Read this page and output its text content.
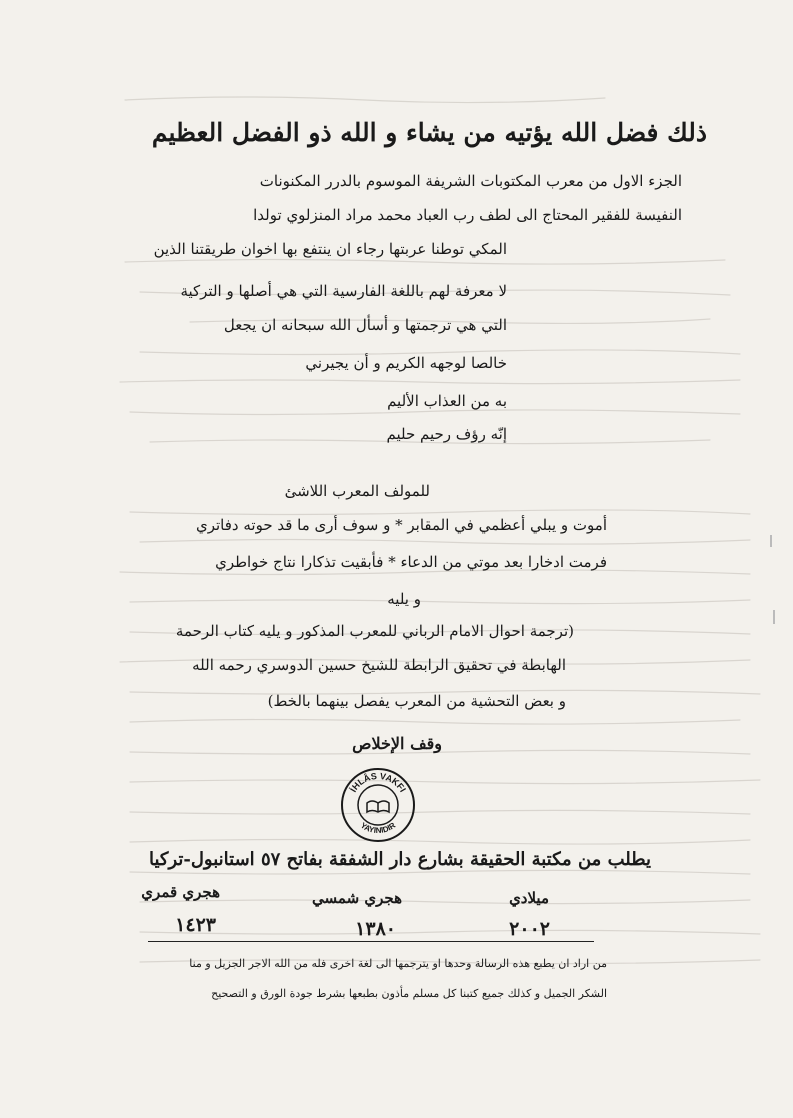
ذلك فضل الله يؤتيه من يشاء و الله ذو الفضل العظيم
الجزء الاول من معرب المكتوبات الشريفة الموسوم بالدرر المكنونات
النفيسة للفقير المحتاج الى لطف رب العباد محمد مراد المنزلوي تولدا
المكي توطنا عربتها رجاء ان ينتفع بها اخوان طريقتنا الذين
لا معرفة لهم باللغة الفارسية التي هي أصلها و التركية
التي هي ترجمتها و أسأل الله سبحانه ان يجعل
خالصا لوجهه الكريم و أن يجيرني
به من العذاب الأليم
إنّه رؤف رحيم حليم
للمولف المعرب اللاشئ
أموت و يبلي أعظمي في المقابر * و سوف أرى ما قد حوته دفاتري
فرمت ادخارا بعد موتي من الدعاء * فأبقيت تذكارا نتاج خواطري
و يليه
(ترجمة احوال الامام الرباني للمعرب المذكور و يليه كتاب الرحمة
الهابطة في تحقيق الرابطة للشيخ حسين الدوسري رحمه الله
و بعض التحشية من المعرب يفصل بينهما بالخط)
وقف الإخلاص
İHLÂS VAKFI
YAYINIDIR
يطلب من مكتبة الحقيقة بشارع دار الشفقة بفاتح ٥٧ استانبول-تركيا
هجري قمري	هجري شمسي	ميلادي
١٤٢٣	١٣٨٠	٢٠٠٢
من اراد ان يطبع هذه الرسالة وحدها او يترجمها الى لغة اخرى فله من الله الاجر الجزيل و منا
الشكر الجميل و كذلك جميع كتبنا كل مسلم مأذون بطبعها بشرط جودة الورق و التصحيح
